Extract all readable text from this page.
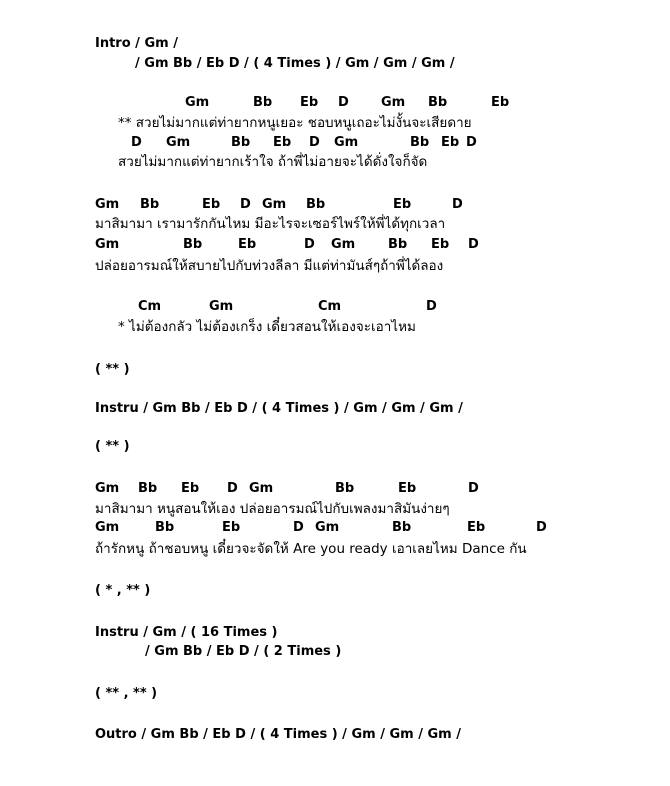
Intro / Gm /
/ Gm Bb / Eb D / ( 4 Times ) / Gm / Gm / Gm /
Gm	Bb Eb D Gm Bb	Eb
** สวยไม่มากแต่ท่ายากหนูเยอะ ชอบหนูเถอะไม่งั้นจะเสียดาย
D Gm	Bb Eb D Gm	Bb Eb D
สวยไม่มากแต่ท่ายากเร้าใจ ถ้าพี่ไม่อายจะได้ดั่งใจก็จัด
Gm Bb	Eb D Gm Bb	Eb	D
มาสิมามา เรามารักกันไหม มีอะไรจะเซอร์ไพร์ให้พี่ได้ทุกเวลา
Gm	Bb	Eb	D Gm	Bb Eb D
ปล่อยอารมณ์ให้สบายไปกับท่วงลีลา มีแต่ท่ามันส์ๆถ้าพี่ได้ลอง
Cm	Gm	Cm	D
* ไม่ต้องกลัว ไม่ต้องเกร็ง เดี๋ยวสอนให้เองจะเอาไหม
( ** )
Instru / Gm Bb / Eb D / ( 4 Times ) / Gm / Gm / Gm /
( ** )
Gm Bb Eb D Gm	Bb	Eb	D
มาสิมามา หนูสอนให้เอง ปล่อยอารมณ์ไปกับเพลงมาสิมันง่ายๆ
Gm	Bb	Eb	D Gm	Bb	Eb	D
ถ้ารักหนู ถ้าชอบหนู เดี๋ยวจะจัดให้ Are you ready เอาเลยไหม Dance กัน
( * , ** )
Instru / Gm / ( 16 Times )
/ Gm Bb / Eb D / ( 2 Times )
( ** , ** )
Outro / Gm Bb / Eb D / ( 4 Times ) / Gm / Gm / Gm /
